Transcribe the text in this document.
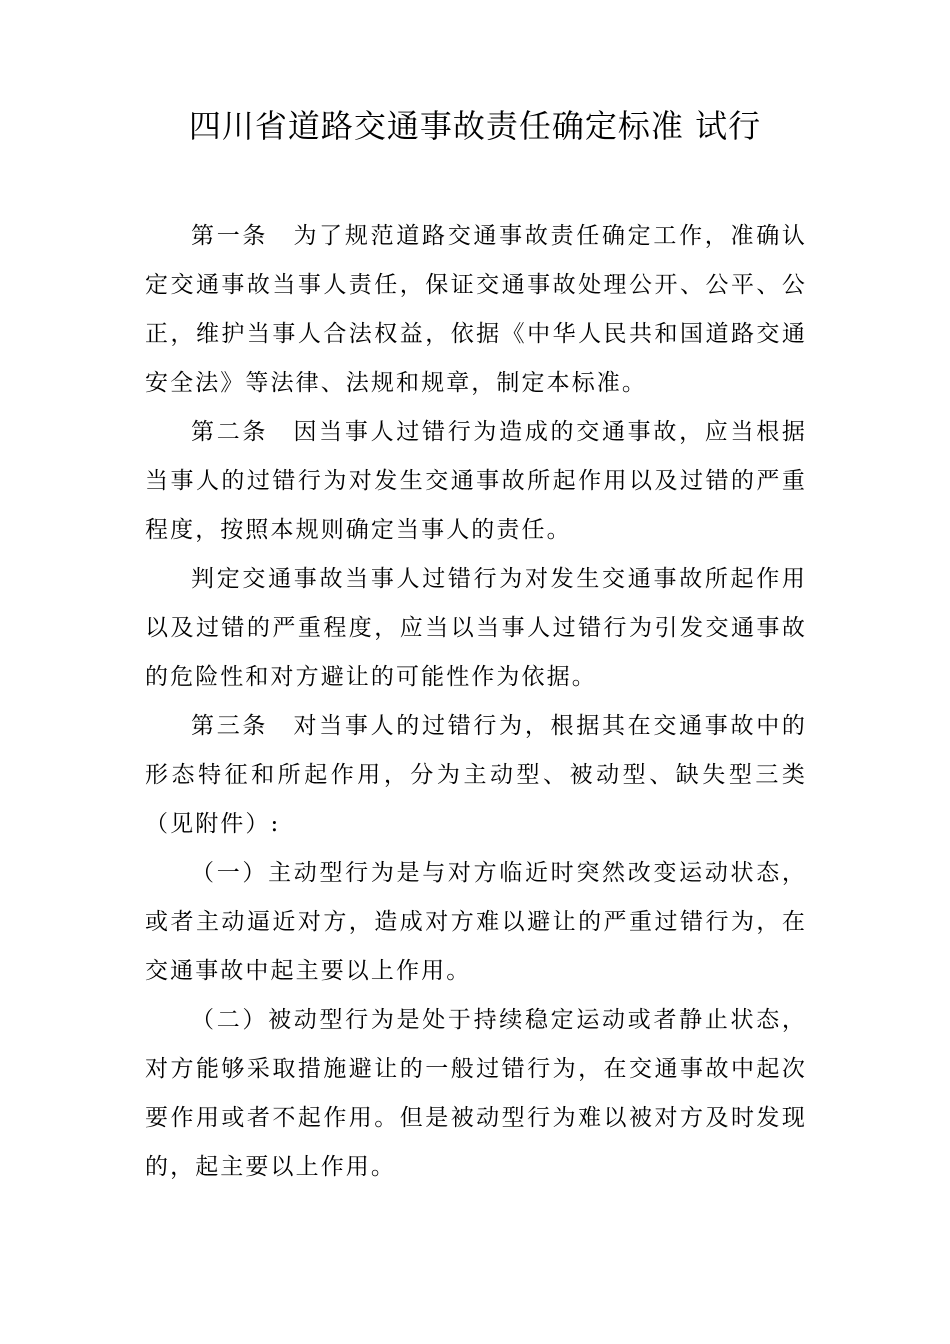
四川省道路交通事故责任确定标准 试行

第一条 为了规范道路交通事故责任确定工作，准确认定交通事故当事人责任，保证交通事故处理公开、公平、公正，维护当事人合法权益，依据《中华人民共和国道路交通安全法》等法律、法规和规章，制定本标准。

第二条 因当事人过错行为造成的交通事故，应当根据当事人的过错行为对发生交通事故所起作用以及过错的严重程度，按照本规则确定当事人的责任。

判定交通事故当事人过错行为对发生交通事故所起作用以及过错的严重程度，应当以当事人过错行为引发交通事故的危险性和对方避让的可能性作为依据。

第三条 对当事人的过错行为，根据其在交通事故中的形态特征和所起作用，分为主动型、被动型、缺失型三类（见附件）:

（一）主动型行为是与对方临近时突然改变运动状态，或者主动逼近对方，造成对方难以避让的严重过错行为，在交通事故中起主要以上作用。

（二）被动型行为是处于持续稳定运动或者静止状态，对方能够采取措施避让的一般过错行为，在交通事故中起次要作用或者不起作用。但是被动型行为难以被对方及时发现的，起主要以上作用。
